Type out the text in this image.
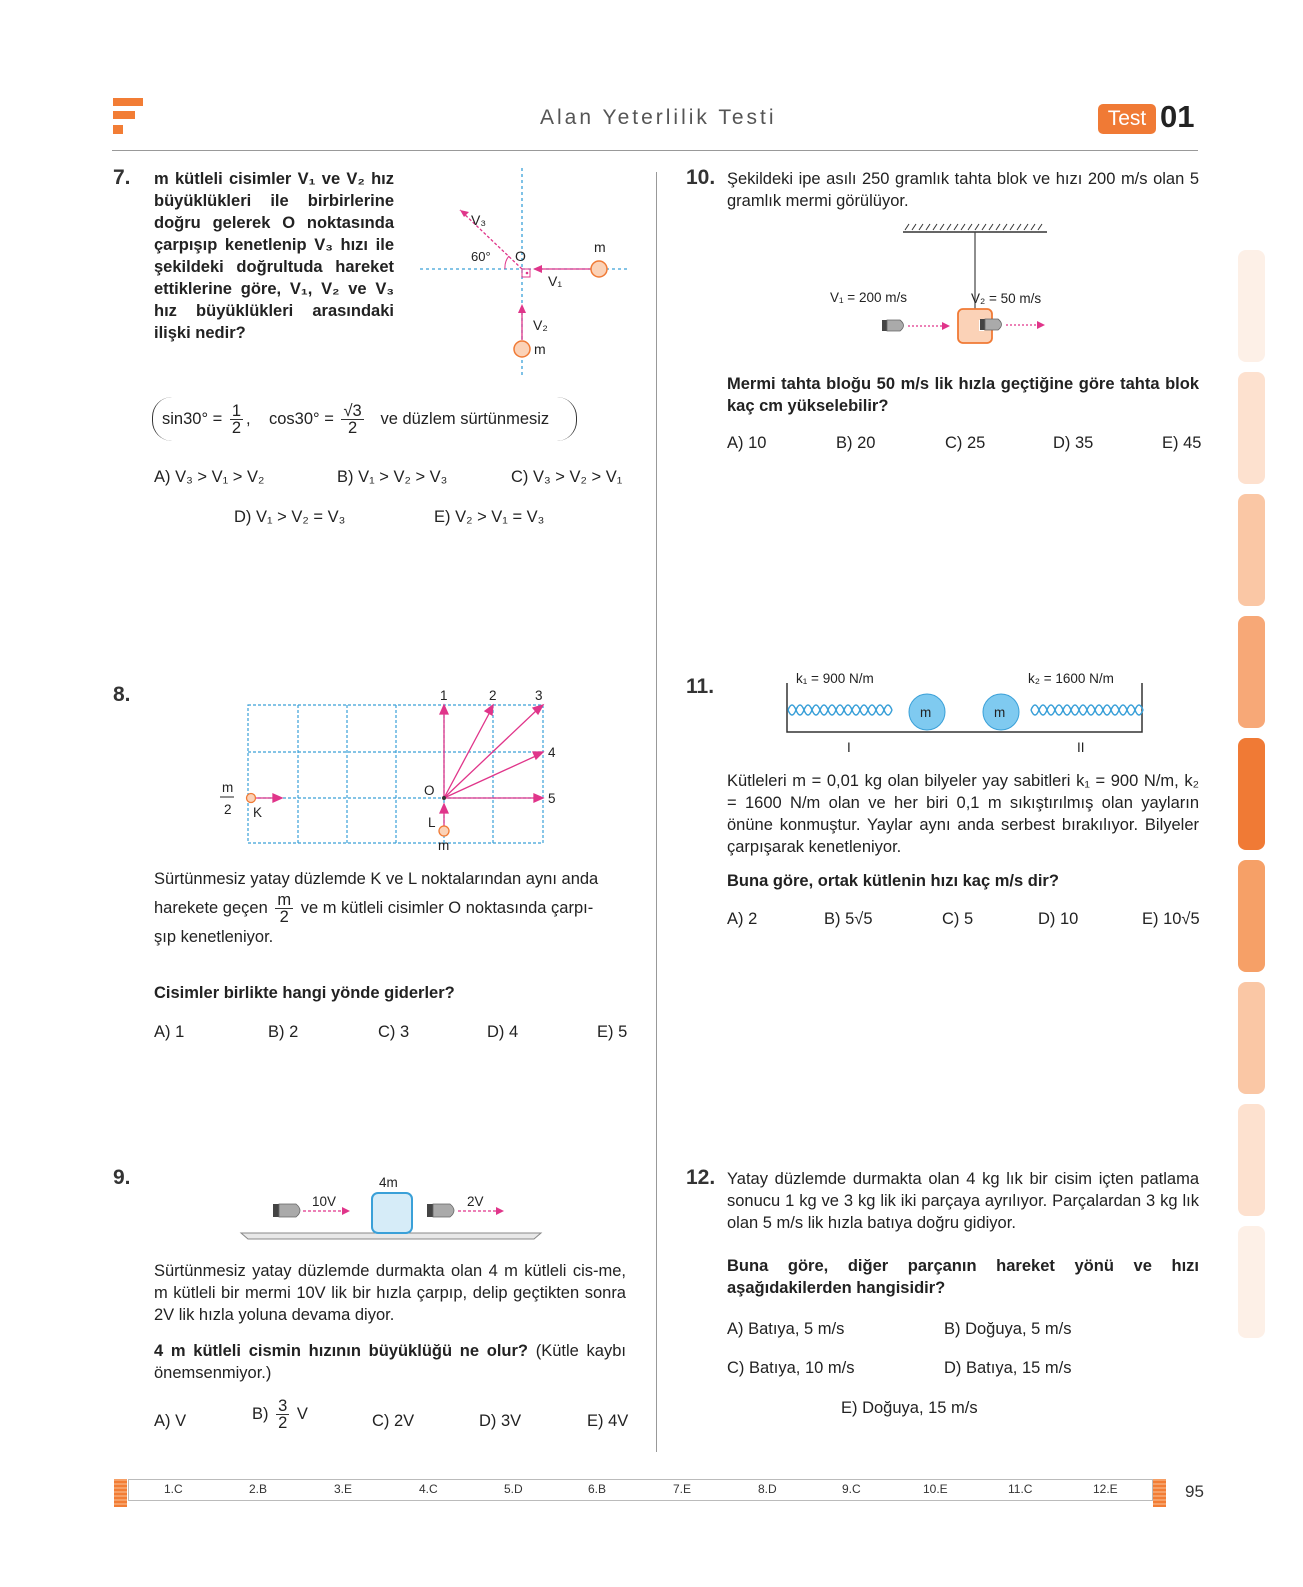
Alan Yeterlilik Testi	Test 01
7. m kütleli cisimler V₁ ve V₂ hız
büyüklükleri ile birbirlerine
doğru gelerek O noktasında
çarpışıp kenetlenip V₃ hızı ile
şekildeki doğrultuda hareket
ettiklerine göre, V₁, V₂ ve V₃
hız büyüklükleri arasındaki
ilişki nedir?
V₃
60° O
m
V₁
V₂
m
$\sin 30^\circ = \frac{1}{2}$ , $\cos 30^\circ = \frac{√3}{2}$ ve düzlem sürtünmesiz
A) V₃ > V₁ > V₂	B) V₁ > V₂ > V₃	C) V₃ > V₂ > V₁
D) V₁ > V₂ = V₃	E) V₂ > V₁ = V₃
8.	1	2	3
4
5
O
K
L
m
2
m
Sürtünmesiz yatay düzlemde K ve L noktalarından aynı anda
harekete geçen $\frac{m}{2}$ ve m kütleli cisimler O noktasında çarpı-
şıp kenetleniyor.
Cisimler birlikte hangi yönde giderler?
A) 1	B) 2	C) 3	D) 4	E) 5
9.	4m
10V	2V
Sürtünmesiz yatay düzlemde durmakta olan 4 m kütleli cis-me, m kütleli bir mermi 10V lik bir hızla çarpıp, delip geçtikten sonra 2V lik hızla yoluna devama diyor.
4 m kütleli cismin hızının büyüklüğü ne olur? (Kütle kaybı önemsenmiyor.)
A) V	$B) \frac{3}{2}$ V	C) 2V	D) 3V	E) 4V
10. Şekildeki ipe asılı 250 gramlık tahta blok ve hızı 200 m/s olan 5 gramlık mermi görülüyor.
V₁ = 200 m/s	V₂ = 50 m/s
Mermi tahta bloğu 50 m/s lik hızla geçtiğine göre tahta blok kaç cm yükselebilir?
A) 10	B) 20	C) 25	D) 35	E) 45
11.	k₁ = 900 N/m	k₂ = 1600 N/m
m	m
I	II
Kütleleri m = 0,01 kg olan bilyeler yay sabitleri k₁ = 900 N/m, k₂ = 1600 N/m olan ve her biri 0,1 m sıkıştırılmış olan yayların önüne konmuştur. Yaylar aynı anda serbest bırakılıyor. Bilyeler çarpışarak kenetleniyor.
Buna göre, ortak kütlenin hızı kaç m/s dir?
A) 2	B) 5√5	C) 5	D) 10	E) 10√5
12. Yatay düzlemde durmakta olan 4 kg lık bir cisim içten patlama sonucu 1 kg ve 3 kg lik iki parçaya ayrılıyor. Parçalardan 3 kg lık olan 5 m/s lik hızla batıya doğru gidiyor.
Buna göre, diğer parçanın hareket yönü ve hızı aşağıdakilerden hangisidir?
A) Batıya, 5 m/s	B) Doğuya, 5 m/s
C) Batıya, 10 m/s	D) Batıya, 15 m/s
E) Doğuya, 15 m/s
1.C	2.B	3.E	4.C	5.D	6.B	7.E	8.D	9.C	10.E	11.C	12.E	95
